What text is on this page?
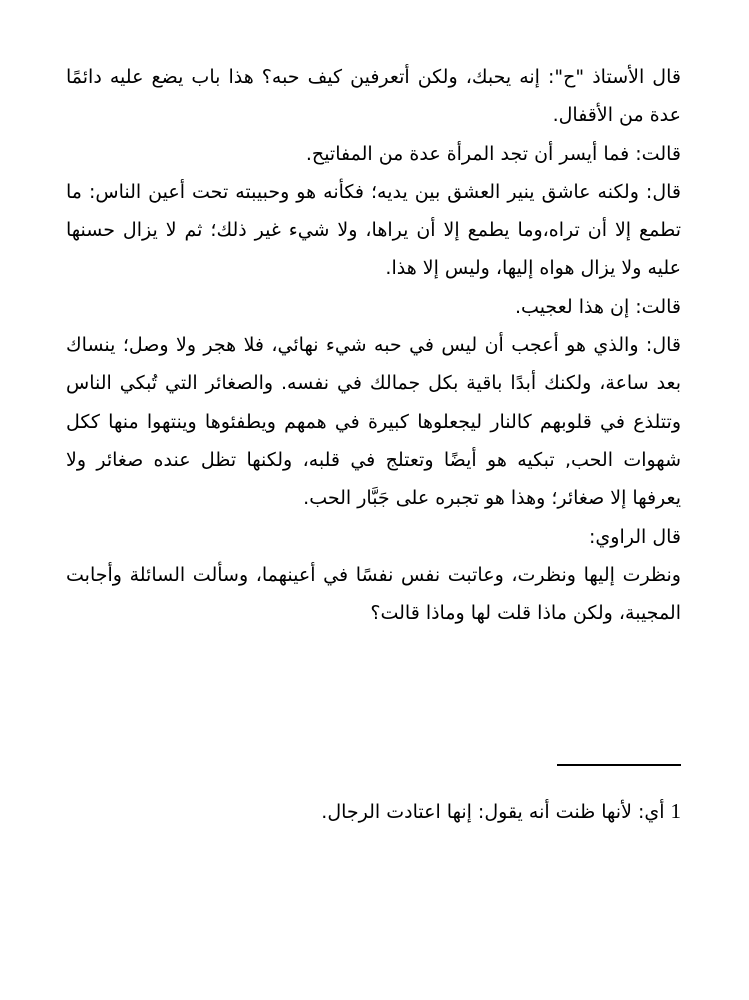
قال الأستاذ "ح": إنه يحبك، ولكن أتعرفين كيف حبه؟ هذا باب يضع عليه دائمًا عدة من الأقفال.

قالت: فما أيسر أن تجد المرأة عدة من المفاتيح.

قال: ولكنه عاشق ينير العشق بين يديه؛ فكأنه هو وحبيبته تحت أعين الناس: ما تطمع إلا أن تراه،وما يطمع إلا أن يراها، ولا شيء غير ذلك؛ ثم لا يزال حسنها عليه ولا يزال هواه إليها، وليس إلا هذا.

قالت: إن هذا لعجيب.

قال: والذي هو أعجب أن ليس في حبه شيء نهائي، فلا هجر ولا وصل؛ ينساك بعد ساعة، ولكنك أبدًا باقية بكل جمالك في نفسه. والصغائر التي تُبكي الناس وتتلذع في قلوبهم كالنار ليجعلوها كبيرة في همهم ويطفئوها وينتهوا منها ككل شهوات الحب, تبكيه هو أيضًا وتعتلج في قلبه، ولكنها تظل عنده صغائر ولا يعرفها إلا صغائر؛ وهذا هو تجبره على جَبَّار الحب.

قال الراوي:

ونظرت إليها ونظرت، وعاتبت نفس نفسًا في أعينهما، وسألت السائلة وأجابت المجيبة، ولكن ماذا قلت لها وماذا قالت؟

1أي: لأنها ظنت أنه يقول: إنها اعتادت الرجال.
